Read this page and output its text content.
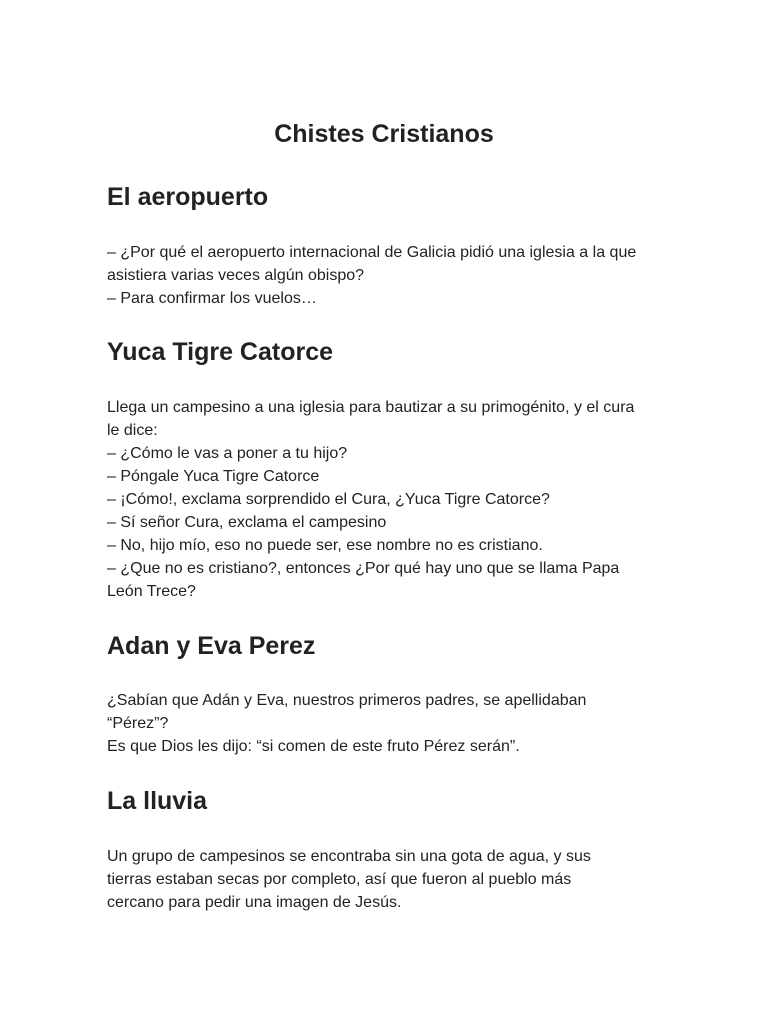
Chistes Cristianos
El aeropuerto

– ¿Por qué el aeropuerto internacional de Galicia pidió una iglesia a la que

asistiera varias veces algún obispo?

– Para confirmar los vuelos…

Yuca Tigre Catorce

Llega un campesino a una iglesia para bautizar a su primogénito, y el cura

le dice:

– ¿Cómo le vas a poner a tu hijo?

– Póngale Yuca Tigre Catorce

– ¡Cómo!, exclama sorprendido el Cura, ¿Yuca Tigre Catorce?

– Sí señor Cura, exclama el campesino

– No, hijo mío, eso no puede ser, ese nombre no es cristiano.

– ¿Que no es cristiano?, entonces ¿Por qué hay uno que se llama Papa

León Trece?

Adan y Eva Perez

¿Sabían que Adán y Eva, nuestros primeros padres, se apellidaban

“Pérez”?

Es que Dios les dijo: “si comen de este fruto Pérez serán”.

La lluvia

Un grupo de campesinos se encontraba sin una gota de agua, y sus

tierras estaban secas por completo, así que fueron al pueblo más

cercano para pedir una imagen de Jesús.
